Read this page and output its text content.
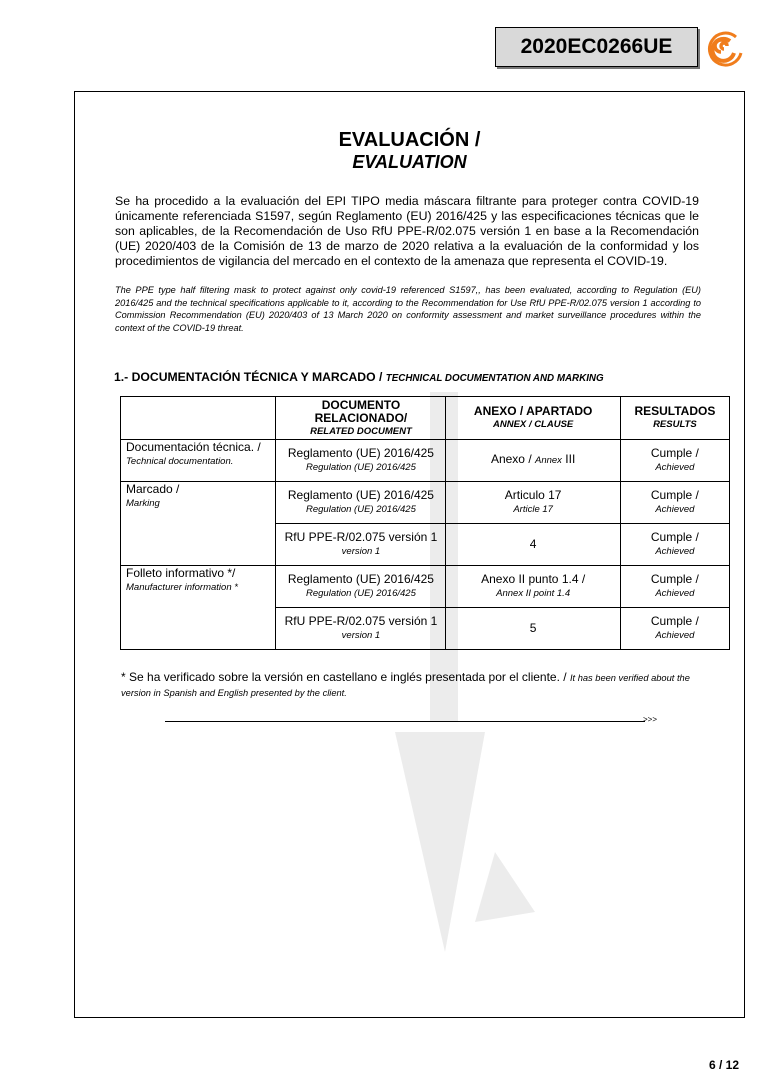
2020EC0266UE
EVALUACIÓN /
EVALUATION
Se ha procedido a la evaluación del EPI TIPO media máscara filtrante para proteger contra COVID-19 únicamente referenciada S1597, según Reglamento (EU) 2016/425 y las especificaciones técnicas que le son aplicables, de la Recomendación de Uso RfU PPE-R/02.075 versión 1 en base a la Recomendación (UE) 2020/403 de la Comisión de 13 de marzo de 2020 relativa a la evaluación de la conformidad y los procedimientos de vigilancia del mercado en el contexto de la amenaza que representa el COVID-19.
The PPE type half filtering mask to protect against only covid-19 referenced S1597,, has been evaluated, according to Regulation (EU) 2016/425 and the technical specifications applicable to it, according to the Recommendation for Use RfU PPE-R/02.075 version 1 according to Commission Recommendation (EU) 2020/403 of 13 March 2020 on conformity assessment and market surveillance procedures within the context of the COVID-19 threat.
1.- DOCUMENTACIÓN TÉCNICA Y MARCADO / TECHNICAL DOCUMENTATION AND MARKING
	DOCUMENTO RELACIONADO/
RELATED DOCUMENT	ANEXO / APARTADO
ANNEX / CLAUSE	RESULTADOS
RESULTS

Documentación técnica. /
Technical documentation.	Reglamento (UE) 2016/425
Regulation (UE) 2016/425	Anexo / Annex III	Cumple /
Achieved

Marcado /
Marking	Reglamento (UE) 2016/425
Regulation (UE) 2016/425	Articulo 17
Article 17	Cumple /
Achieved

	RfU PPE-R/02.075 versión 1
version 1	4	Cumple /
Achieved

Folleto informativo */
Manufacturer information *	Reglamento (UE) 2016/425
Regulation (UE) 2016/425	Anexo II punto 1.4 /
Annex II point 1.4	Cumple /
Achieved

	RfU PPE-R/02.075 versión 1
version 1	5	Cumple /
Achieved
* Se ha verificado sobre la versión en castellano e inglés presentada por el cliente. / It has been verified about the version in Spanish and English presented by the client.
>>>
6 / 12
